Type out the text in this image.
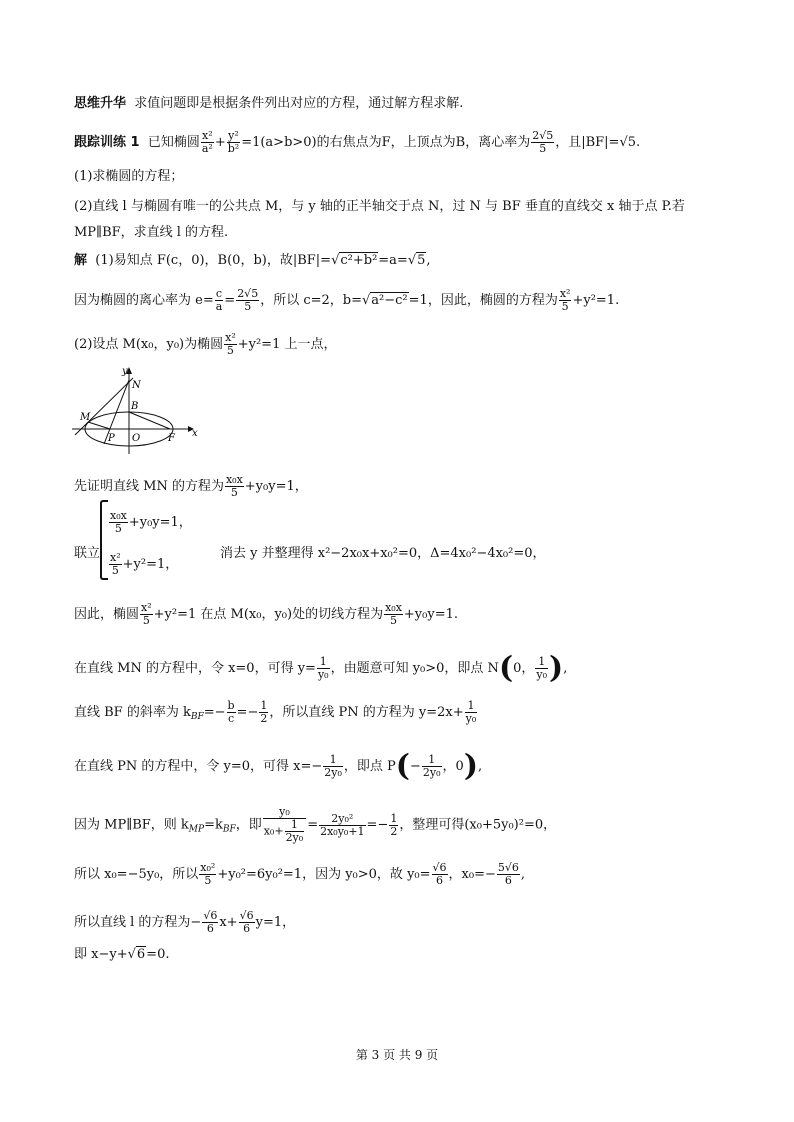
思维升华 求值问题即是根据条件列出对应的方程，通过解方程求解.
跟踪训练 1 已知椭圆 $\frac{\text{x²}}{\text{a²}} + \frac{\text{y²}}{\text{b²}} =1(a>b>0)$的右焦点为F，上顶点为B，离心率为 $\frac{2√5}{5}$ ，且|BF|=√5.
(1)求椭圆的方程；
(2)直线 l 与椭圆有唯一的公共点 M，与 y 轴的正半轴交于点 N，过 N 与 BF 垂直的直线交 x 轴于点 P.若
MP∥BF，求直线 l 的方程.
解 (1)易知点 F(c，0)，B(0，b)，故|BF|=√c²+b²=a=√5,
因为椭圆的离心率为 $e= \frac{c}{a} = \frac{2√5}{5}$ ，所以 c=2，b=√a²−c²=1，因此，椭圆的方程为 $\frac{\text{x²}}{5} +y^2=1$.
(2)设点 M(x₀，y₀)为椭圆 $\frac{\text{x²}}{5} +y^2=1$ 上一点，
y
N
B
M
P O	F x
先证明直线 MN 的方程为 $\frac{\text{x₀x}}{5} +y_0y=1$，
联立
$\frac{\text{x₀x}}{5} +y_0y=1$，
$\frac{\text{x²}}{5} +y^2=1$，
消去 y 并整理得 x²−2x₀x+x₀²=0，Δ=4x₀²−4x₀²=0，
因此，椭圆 $\frac{\text{x²}}{5} +y^2=1$ 在点 M(x₀，y₀)处的切线方程为 $\frac{\text{x₀x}}{5} +y_0y=1$.
在直线 MN 的方程中，令 x=0，可得 $y= \frac{1}{\text{y₀}}$ ，由题意可知 y₀>0，即点 N(0， $\frac{1}{\text{y₀}}$ ),
直线 BF 的斜率为 $k_{BF}=- \frac{b}{c} =- \frac{1}{2}$ ，所以直线 PN 的方程为 $y=2x+ \frac{1}{\text{y₀}}$
在直线 PN 的方程中，令 y=0，可得 $x=- \frac{1}{\text{2y₀}}$ ，即点 $P(- \frac{1}{\text{2y₀}}$ ，0),
因为 MP∥BF，则 $k_{MP}=k_{BF}$，即 $\frac{\text{y₀}}{x_0+ \frac{1}{\text{2y₀}}} = \frac{\text{2y₀²}}{\text{2x₀y₀+1}} =- \frac{1}{2}$ ，整理可得(x₀+5y₀)²=0，
所以 x₀=−5y₀，所以 $\frac{\text{x₀²}}{5} +y_0^2=6y_0^2=1$，因为 y₀>0，故 $y_0= \frac{√6}{6}$ ，$x_0=- \frac{5√6}{6}$ ,
所以直线 l 的方程为− $\frac{√6}{6} x+ \frac{√6}{6} y=1$，
即 x−y+√6=0.
第 3 页 共 9 页
